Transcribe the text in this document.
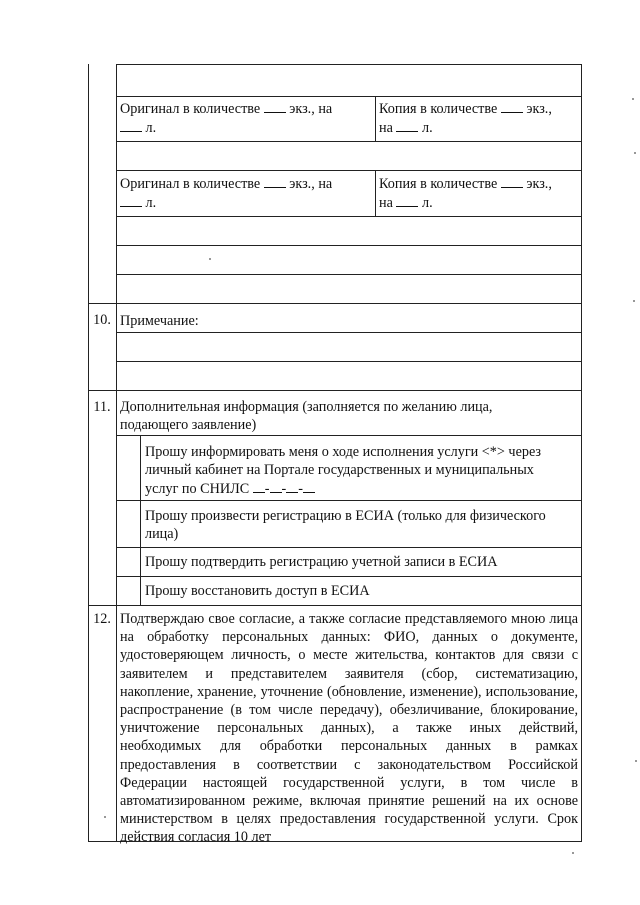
Оригинал в количестве экз., на
л.
Копия в количестве экз.,
на л.
Оригинал в количестве экз., на
л.
Копия в количестве экз.,
на л.
10. Примечание:
11. Дополнительная информация (заполняется по желанию лица, подающего заявление)
Прошу информировать меня о ходе исполнения услуги <*> через
личный кабинет на Портале государственных и муниципальных
услуг по СНИЛС - - -
Прошу произвести регистрацию в ЕСИА (только для физического лица)
Прошу подтвердить регистрацию учетной записи в ЕСИА
Прошу восстановить доступ в ЕСИА
12. Подтверждаю свое согласие, а также согласие представляемого мною лица на обработку персональных данных: ФИО, данных о документе, удостоверяющем личность, о месте жительства, контактов для связи с заявителем и представителем заявителя (сбор, систематизацию, накопление, хранение, уточнение (обновление, изменение), использование, распространение (в том числе передачу), обезличивание, блокирование, уничтожение персональных данных), а также иных действий, необходимых для обработки персональных данных в рамках предоставления в соответствии с законодательством Российской Федерации настоящей государственной услуги, в том числе в автоматизированном режиме, включая принятие решений на их основе министерством в целях предоставления государственной услуги. Срок действия согласия 10 лет
